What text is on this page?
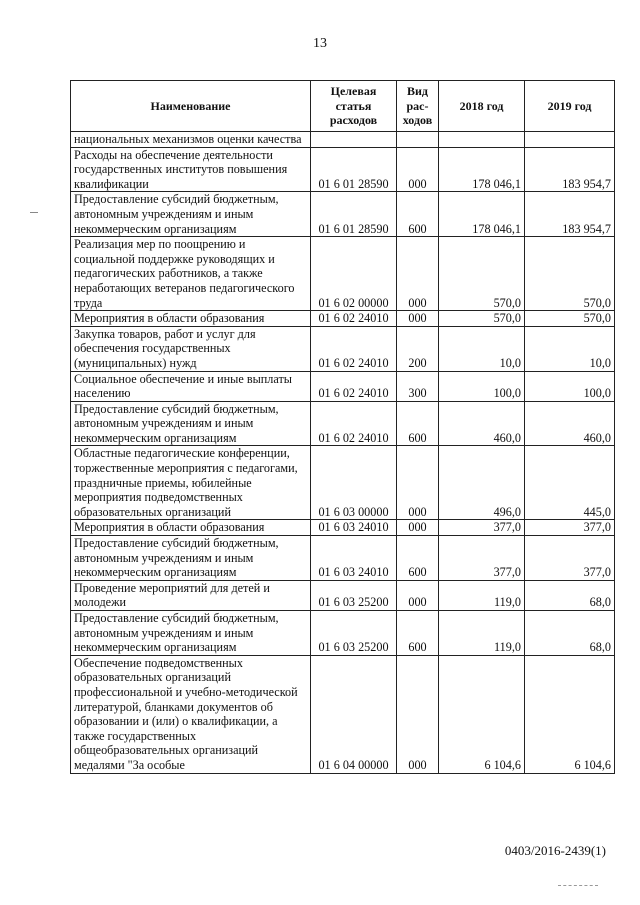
13
Наименование	Целевая статья расходов	Вид рас-ходов	2018 год	2019 год
национальных механизмов оценки качества				
Расходы на обеспечение деятельности государственных институтов повышения квалификации	01 6 01 28590	000	178 046,1	183 954,7
Предоставление субсидий бюджетным, автономным учреждениям и иным некоммерческим организациям	01 6 01 28590	600	178 046,1	183 954,7
Реализация мер по поощрению и социальной поддержке руководящих и педагогических работников, а также неработающих ветеранов педагогического труда	01 6 02 00000	000	570,0	570,0
Мероприятия в области образования	01 6 02 24010	000	570,0	570,0
Закупка товаров, работ и услуг для обеспечения государственных (муниципальных) нужд	01 6 02 24010	200	10,0	10,0
Социальное обеспечение и иные выплаты населению	01 6 02 24010	300	100,0	100,0
Предоставление субсидий бюджетным, автономным учреждениям и иным некоммерческим организациям	01 6 02 24010	600	460,0	460,0
Областные педагогические конференции, торжественные мероприятия с педагогами, праздничные приемы, юбилейные мероприятия подведомственных образовательных организаций	01 6 03 00000	000	496,0	445,0
Мероприятия в области образования	01 6 03 24010	000	377,0	377,0
Предоставление субсидий бюджетным, автономным учреждениям и иным некоммерческим организациям	01 6 03 24010	600	377,0	377,0
Проведение мероприятий для детей и молодежи	01 6 03 25200	000	119,0	68,0
Предоставление субсидий бюджетным, автономным учреждениям и иным некоммерческим организациям	01 6 03 25200	600	119,0	68,0
Обеспечение подведомственных образовательных организаций профессиональной и учебно-методической литературой, бланками документов об образовании и (или) о квалификации, а также государственных общеобразовательных организаций медалями "За особые	01 6 04 00000	000	6 104,6	6 104,6
0403/2016-2439(1)
